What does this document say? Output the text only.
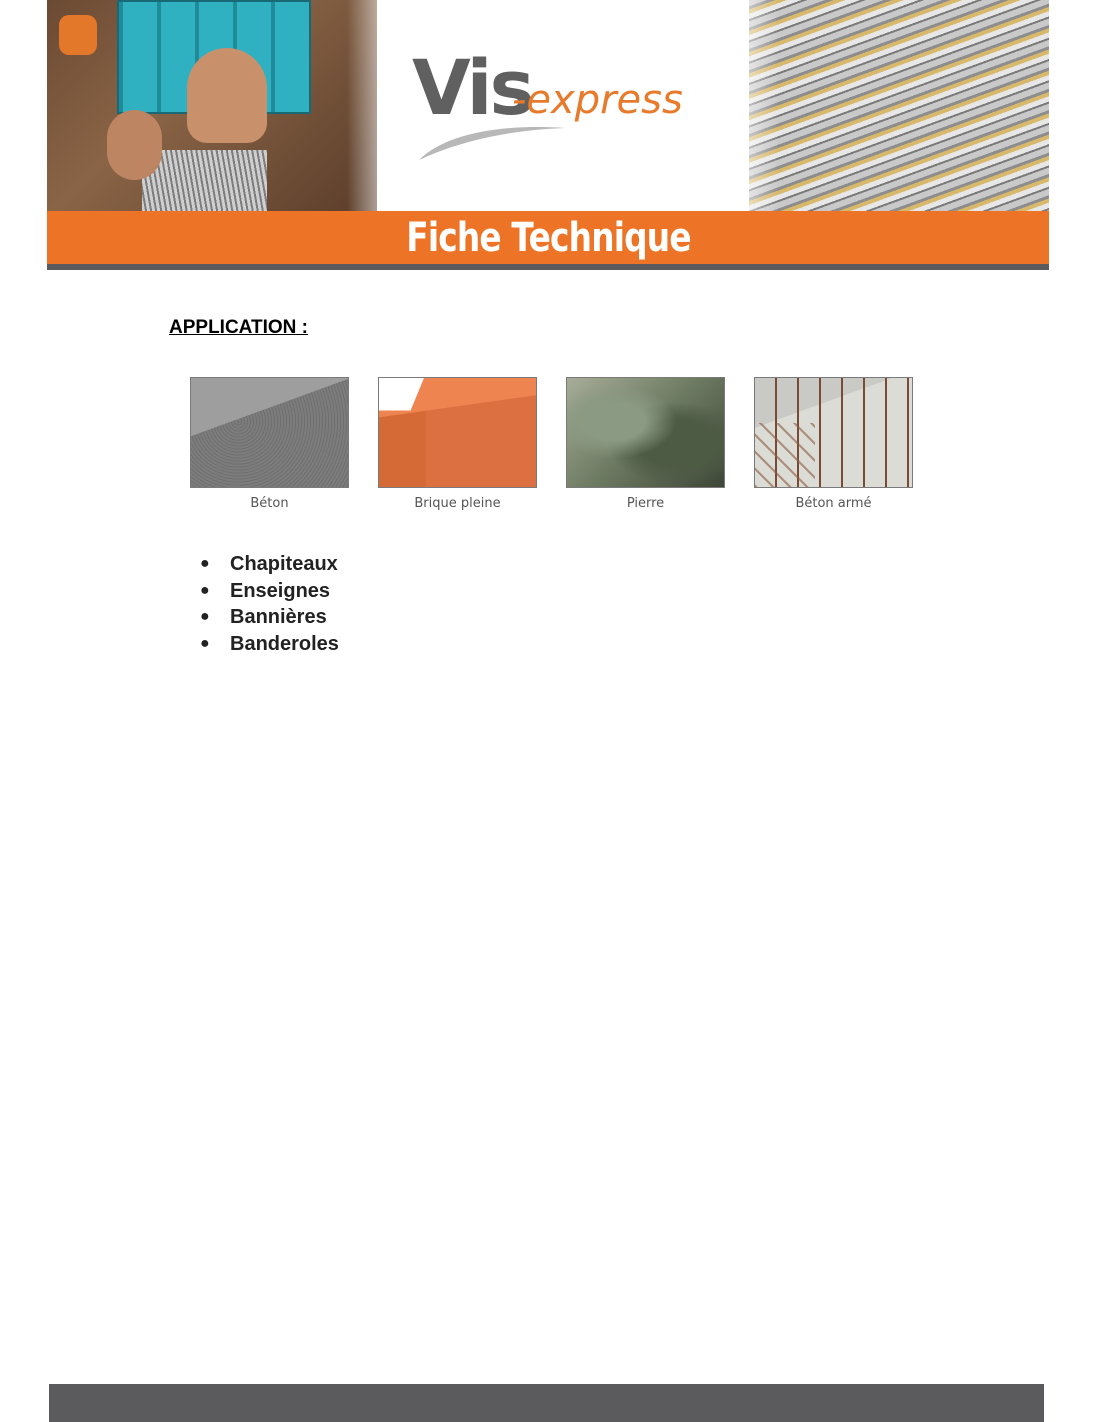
Vis
-express
Fiche Technique
APPLICATION :
Béton	Brique pleine	Pierre	Béton armé
● Chapiteaux
● Enseignes
● Bannières
● Banderoles
